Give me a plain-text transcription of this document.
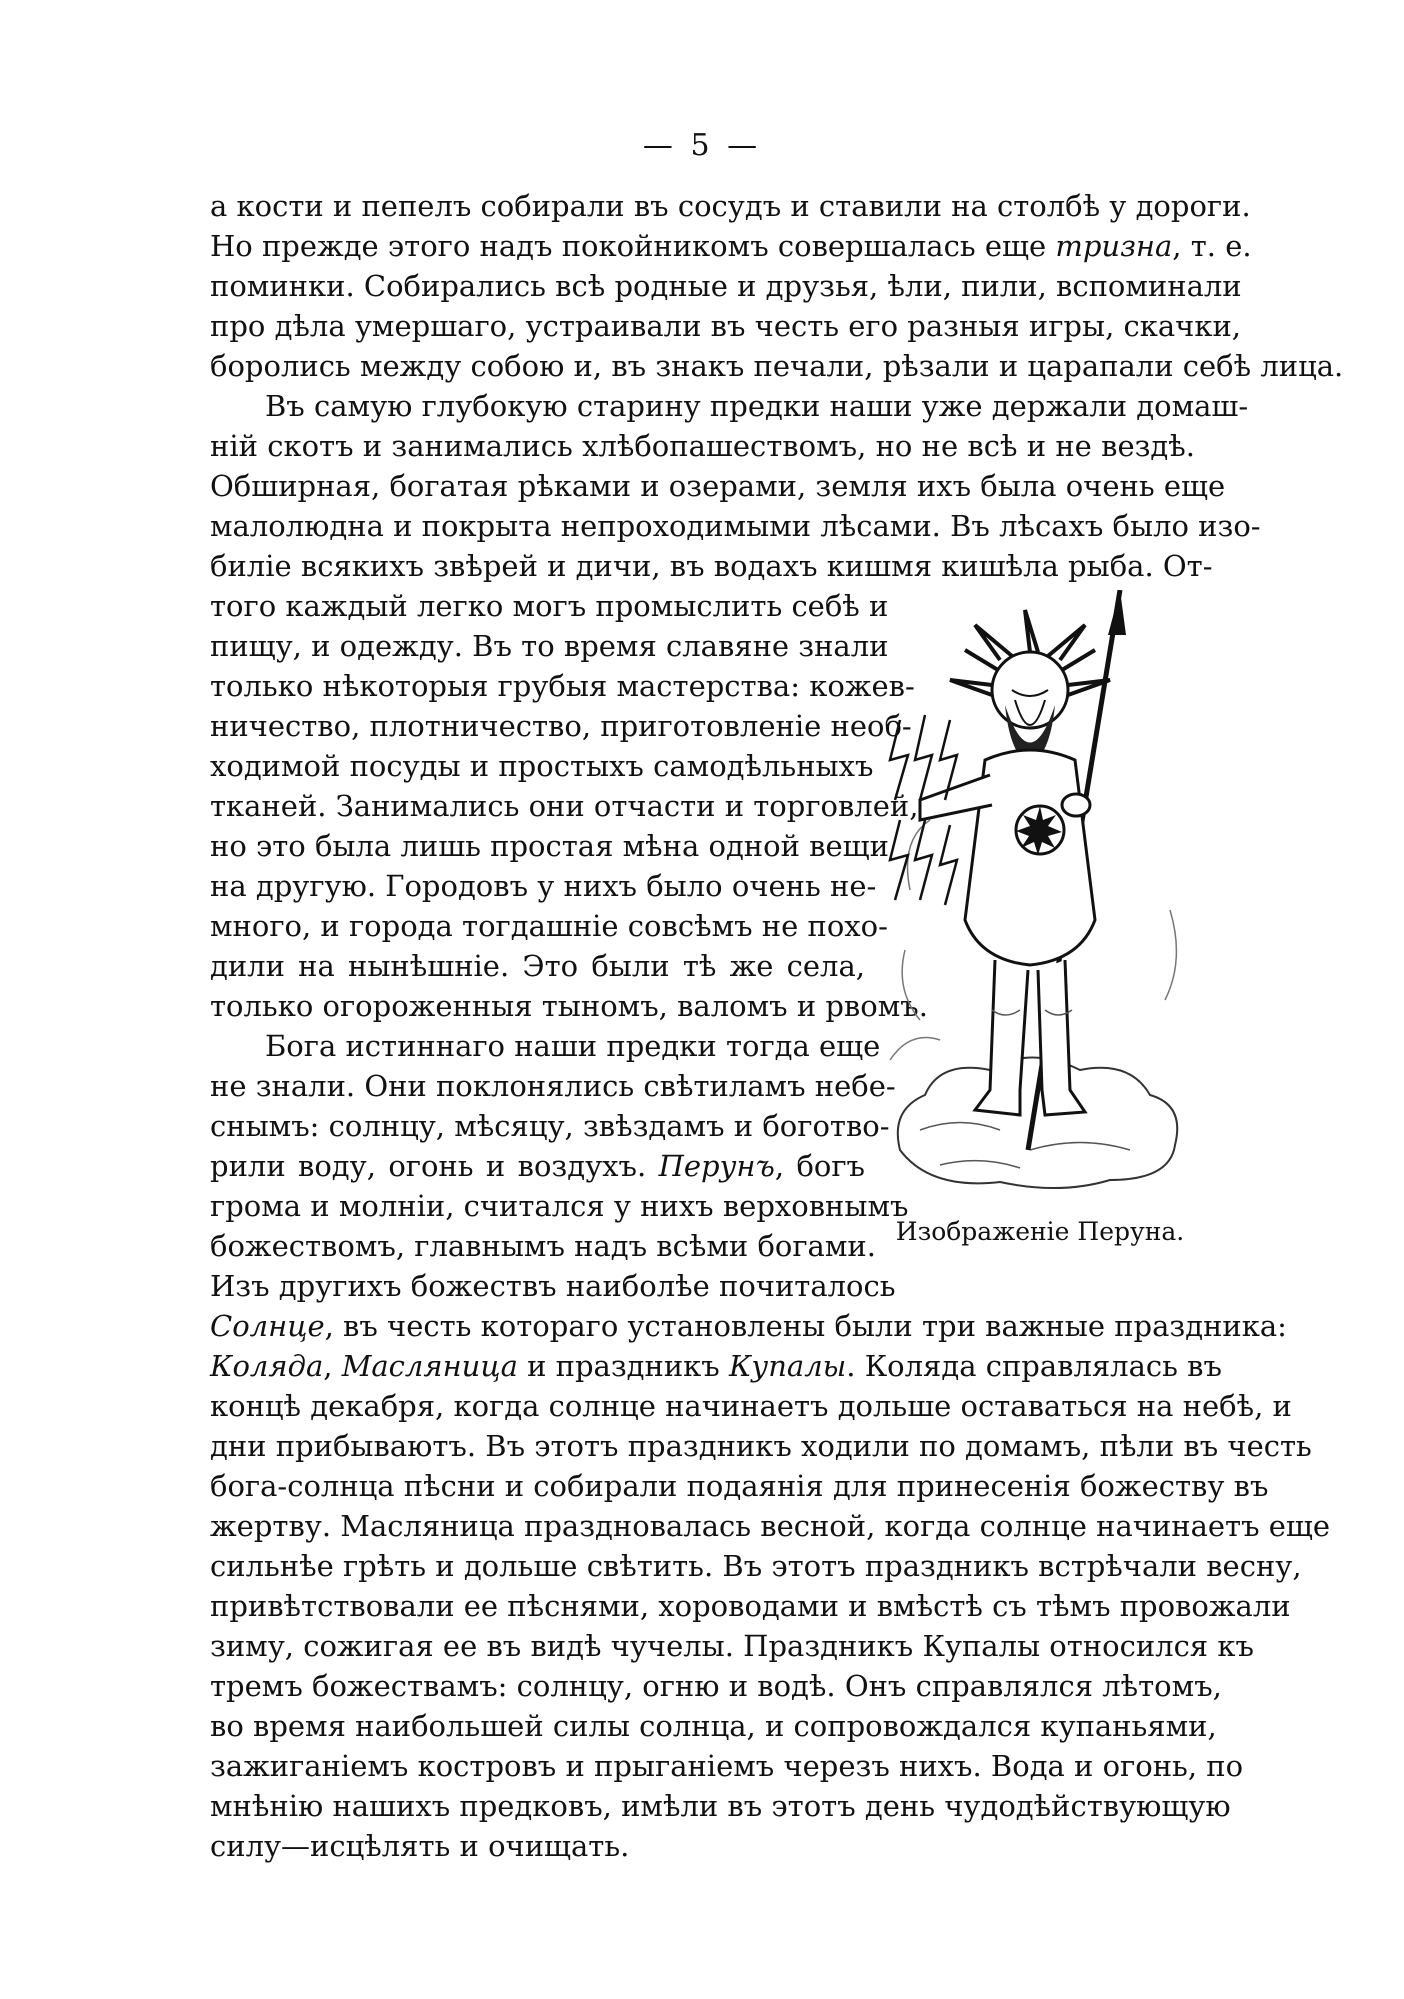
— 5 —
а кости и пепелъ собирали въ сосудъ и ставили на столбѣ у дороги.
Но прежде этого надъ покойникомъ совершалась еще тризна, т. е.
поминки. Собирались всѣ родные и друзья, ѣли, пили, вспоминали
про дѣла умершаго, устраивали въ честь его разныя игры, скачки,
боролись между собою и, въ знакъ печали, рѣзали и царапали себѣ лица.
Въ самую глубокую старину предки наши уже держали домаш-
ній скотъ и занимались хлѣбопашествомъ, но не всѣ и не вездѣ.
Обширная, богатая рѣками и озерами, земля ихъ была очень еще
малолюдна и покрыта непроходимыми лѣсами. Въ лѣсахъ было изо-
биліе всякихъ звѣрей и дичи, въ водахъ кишмя кишѣла рыба. От-
того каждый легко могъ промыслить себѣ и
пищу, и одежду. Въ то время славяне знали
только нѣкоторыя грубыя мастерства: кожев-
ничество, плотничество, приготовленіе необ-
ходимой посуды и простыхъ самодѣльныхъ
тканей. Занимались они отчасти и торговлей,
но это была лишь простая мѣна одной вещи
на другую. Городовъ у нихъ было очень не-
много, и города тогдашніе совсѣмъ не похо-
дили на нынѣшніе. Это были тѣ же села,
только огороженныя тыномъ, валомъ и рвомъ.
Бога истиннаго наши предки тогда еще
не знали. Они поклонялись свѣтиламъ небе-
снымъ: солнцу, мѣсяцу, звѣздамъ и боготво-
рили воду, огонь и воздухъ. Перунъ, богъ
грома и молніи, считался у нихъ верховнымъ
божествомъ, главнымъ надъ всѣми богами.
Изъ другихъ божествъ наиболѣе почиталось
Солнце, въ честь котораго установлены были три важные праздника:
Коляда, Масляница и праздникъ Купалы. Коляда справлялась въ
концѣ декабря, когда солнце начинаетъ дольше оставаться на небѣ, и
дни прибываютъ. Въ этотъ праздникъ ходили по домамъ, пѣли въ честь
бога-солнца пѣсни и собирали подаянія для принесенія божеству въ
жертву. Масляница праздновалась весной, когда солнце начинаетъ еще
сильнѣе грѣть и дольше свѣтить. Въ этотъ праздникъ встрѣчали весну,
привѣтствовали ее пѣснями, хороводами и вмѣстѣ съ тѣмъ провожали
зиму, сожигая ее въ видѣ чучелы. Праздникъ Купалы относился къ
тремъ божествамъ: солнцу, огню и водѣ. Онъ справлялся лѣтомъ,
во время наибольшей силы солнца, и сопровождался купаньями,
зажиганіемъ костровъ и прыганіемъ черезъ нихъ. Вода и огонь, по
мнѣнію нашихъ предковъ, имѣли въ этотъ день чудодѣйствующую
силу—исцѣлять и очищать.
Изображеніе Перуна.
